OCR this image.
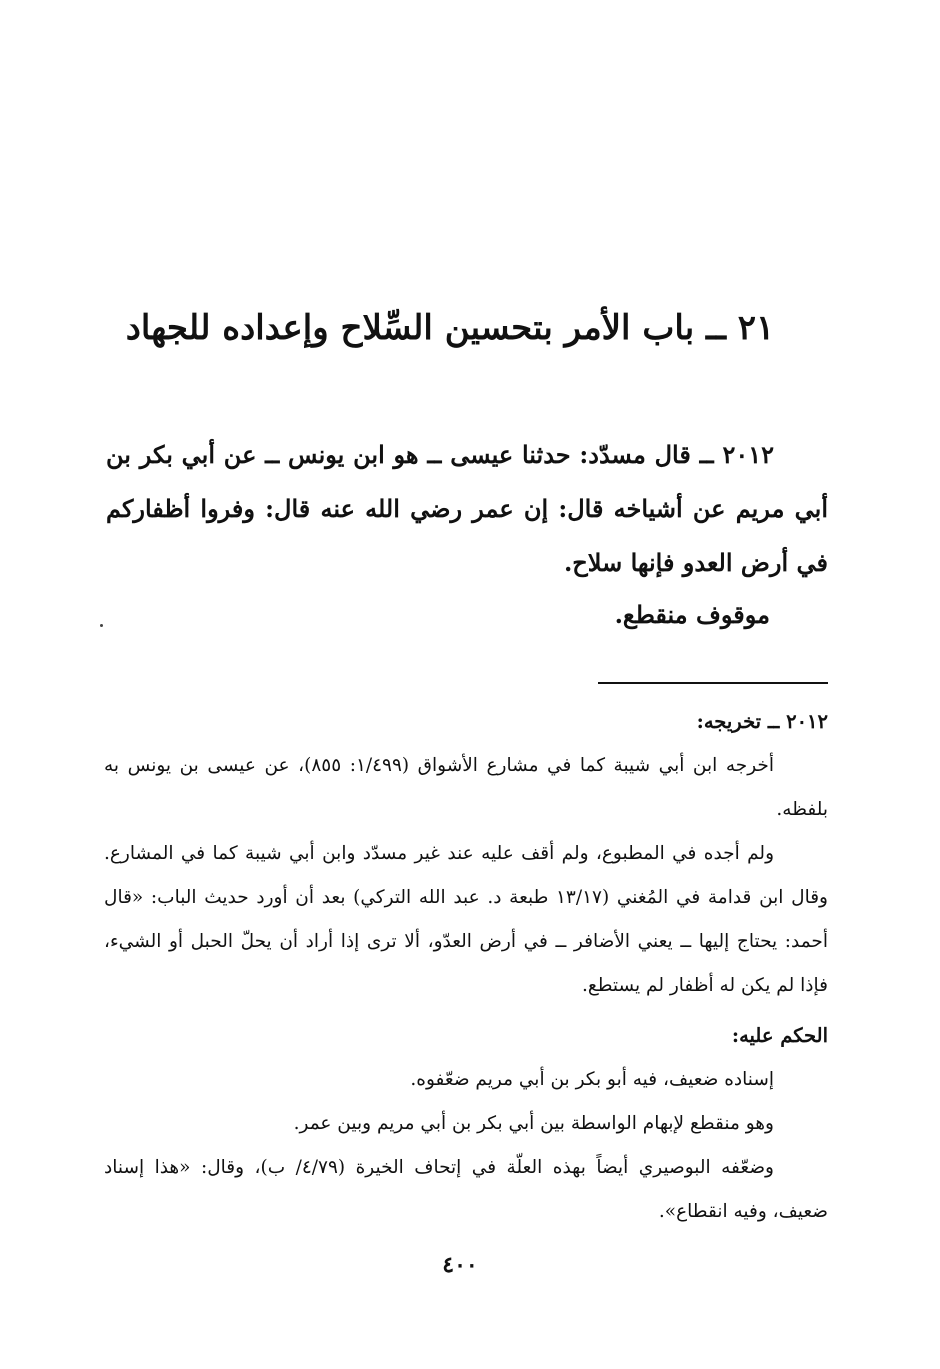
٢١ ــ باب الأمر بتحسين السِّلاح وإعداده للجهاد

٢٠١٢ ــ قال مسدّد: حدثنا عيسى ــ هو ابن يونس ــ عن أبي بكر بن أبي مريم عن أشياخه قال: إن عمر رضي الله عنه قال: وفروا أظفاركم في أرض العدو فإنها سلاح.

موقوف منقطع.

٢٠١٢ ــ تخريجه:

أخرجه ابن أبي شيبة كما في مشارع الأشواق (١/٤٩٩: ٨٥٥)، عن عيسى بن يونس به بلفظه.

ولم أجده في المطبوع، ولم أقف عليه عند غير مسدّد وابن أبي شيبة كما في المشارع. وقال ابن قدامة في المُغني (١٣/١٧ طبعة د. عبد الله التركي) بعد أن أورد حديث الباب: «قال أحمد: يحتاج إليها ــ يعني الأضافر ــ في أرض العدّو، ألا ترى إذا أراد أن يحلّ الحبل أو الشيء، فإذا لم يكن له أظفار لم يستطع.

الحكم عليه:

إسناده ضعيف، فيه أبو بكر بن أبي مريم ضعّفوه.

وهو منقطع لإبهام الواسطة بين أبي بكر بن أبي مريم وبين عمر.

وضعّفه البوصيري أيضاً بهذه العلّة في إتحاف الخيرة (٤/٧٩/ ب)، وقال: «هذا إسناد ضعيف، وفيه انقطاع».

٤٠٠
